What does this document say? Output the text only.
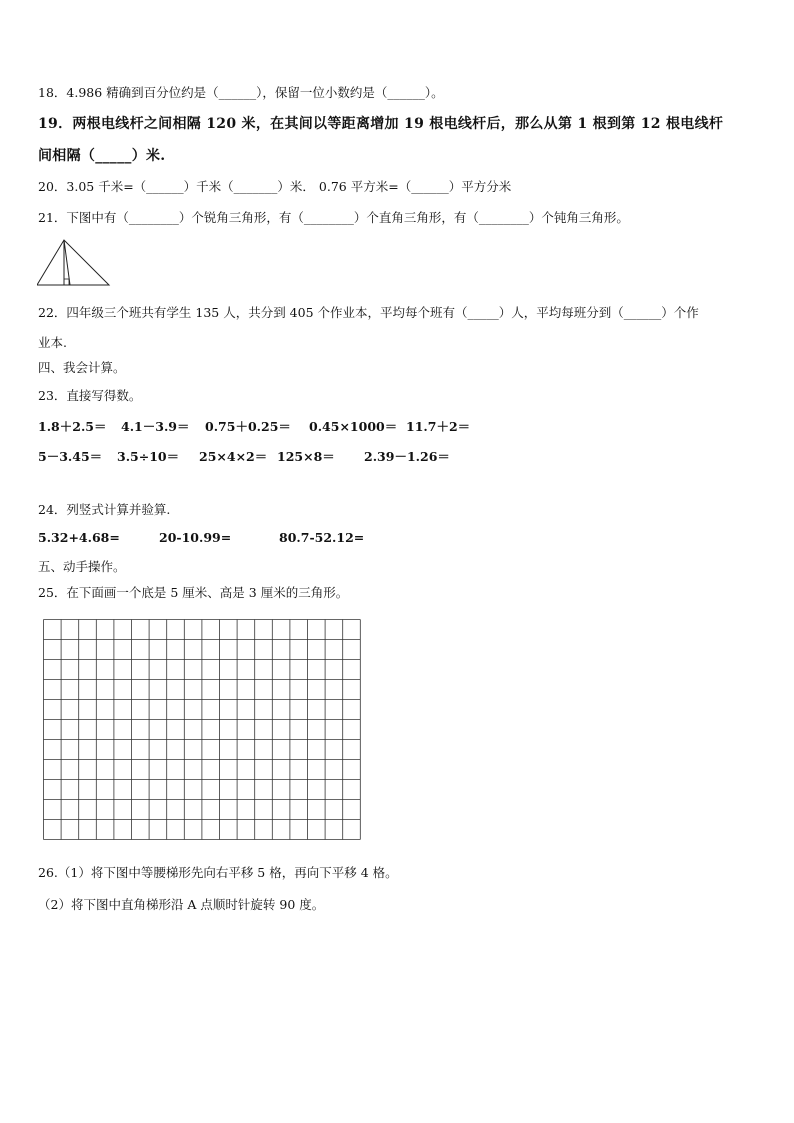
18．4.986 精确到百分位约是（______），保留一位小数约是（______）。
19．两根电线杆之间相隔 120 米，在其间以等距离增加 19 根电线杆后，那么从第 1 根到第 12 根电线杆
间相隔（_____）米.
20．3.05 千米=（______）千米（_______）米． 0.76 平方米=（______）平方分米
21．下图中有（________）个锐角三角形，有（________）个直角三角形，有（________）个钝角三角形。
22．四年级三个班共有学生 135 人，共分到 405 个作业本，平均每个班有（_____）人，平均每班分到（______）个作
业本.
四、我会计算。
23．直接写得数。
1.8＋2.5＝ 4.1－3.9＝ 0.75＋0.25＝ 0.45×1000＝ 11.7＋2＝
5－3.45＝ 3.5÷10＝ 25×4×2＝ 125×8＝ 2.39－1.26＝
24．列竖式计算并验算.
5.32+4.68=	20-10.99=	80.7-52.12=
五、动手操作。
25．在下面画一个底是 5 厘米、高是 3 厘米的三角形。
26.（1）将下图中等腰梯形先向右平移 5 格，再向下平移 4 格。
（2）将下图中直角梯形沿 A 点顺时针旋转 90 度。
